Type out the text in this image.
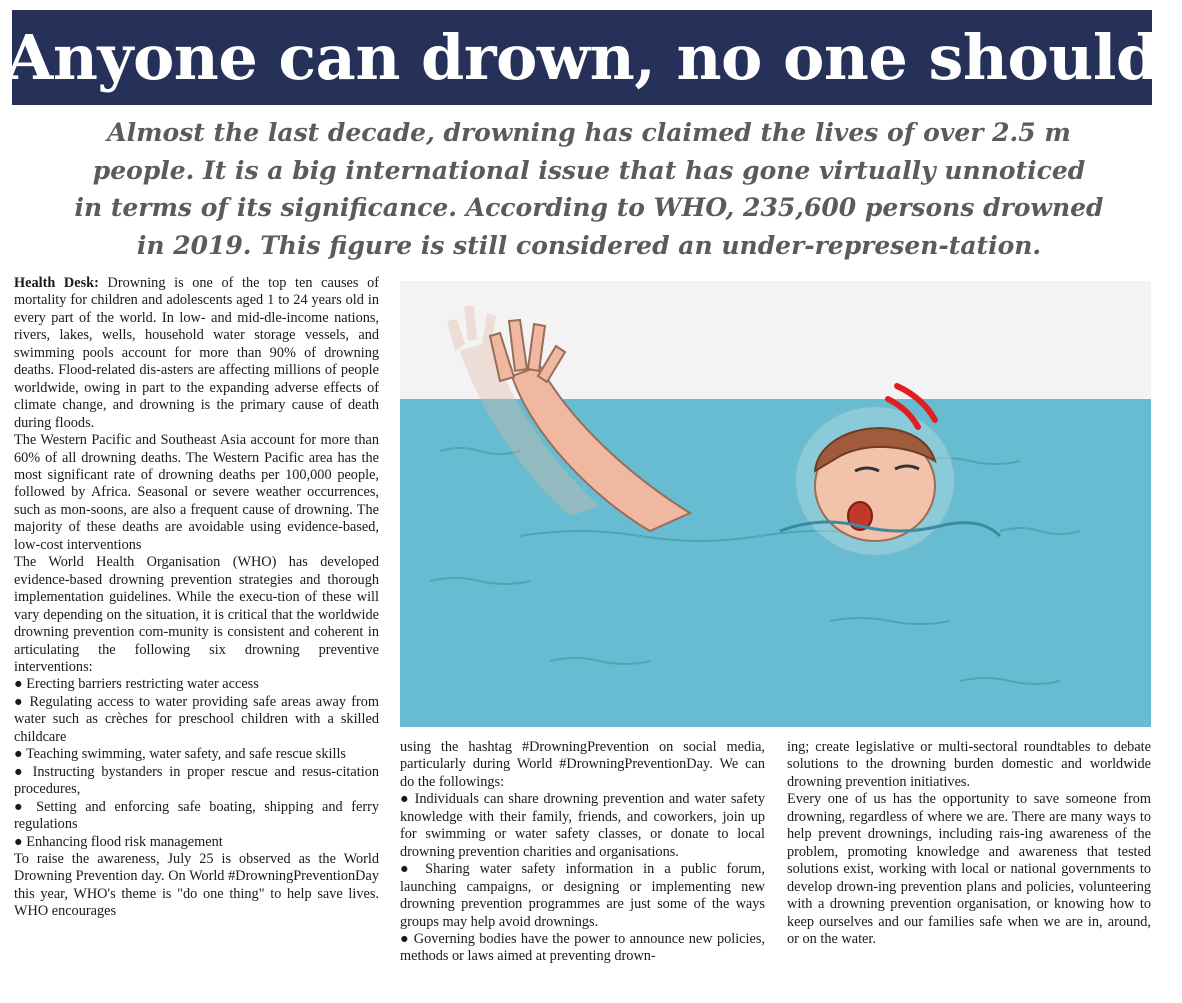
Anyone can drown, no one should
Almost the last decade, drowning has claimed the lives of over 2.5 m
people. It is a big international issue that has gone virtually unnoticed
in terms of its significance. According to WHO, 235,600 persons drowned
in 2019. This figure is still considered an under-represen-tation.

Health Desk: Drowning is one of the top ten causes of mortality for children and adolescents aged 1 to 24 years old in every part of the world. In low- and mid-dle-income nations, rivers, lakes, wells, household water storage vessels, and swimming pools account for more than 90% of drowning deaths. Flood-related dis-asters are affecting millions of people worldwide, owing in part to the expanding adverse effects of climate change, and drowning is the primary cause of death during floods.

The Western Pacific and Southeast Asia account for more than 60% of all drowning deaths. The Western Pacific area has the most significant rate of drowning deaths per 100,000 people, followed by Africa. Seasonal or severe weather occurrences, such as mon-soons, are also a frequent cause of drowning. The majority of these deaths are avoidable using evidence-based, low-cost interventions

The World Health Organisation (WHO) has developed evidence-based drowning prevention strategies and thorough implementation guidelines. While the execu-tion of these will vary depending on the situation, it is critical that the worldwide drowning prevention com-munity is consistent and coherent in articulating the following six drowning preventive interventions:

● Erecting barriers restricting water access

● Regulating access to water providing safe areas away from water such as crèches for preschool children with a skilled childcare

● Teaching swimming, water safety, and safe rescue skills

● Instructing bystanders in proper rescue and resus-citation procedures,

● Setting and enforcing safe boating, shipping and ferry regulations

● Enhancing flood risk management

To raise the awareness, July 25 is observed as the World Drowning Prevention day. On World #DrowningPreventionDay this year, WHO's theme is "do one thing" to help save lives. WHO encourages

using the hashtag #DrowningPrevention on social media, particularly during World #DrowningPreventionDay. We can do the followings:

● Individuals can share drowning prevention and water safety knowledge with their family, friends, and coworkers, join up for swimming or water safety classes, or donate to local drowning prevention charities and organisations.

● Sharing water safety information in a public forum, launching campaigns, or designing or implementing new drowning prevention programmes are just some of the ways groups may help avoid drownings.

● Governing bodies have the power to announce new policies, methods or laws aimed at preventing drown-

ing; create legislative or multi-sectoral roundtables to debate solutions to the drowning burden domestic and worldwide drowning prevention initiatives.

Every one of us has the opportunity to save someone from drowning, regardless of where we are. There are many ways to help prevent drownings, including rais-ing awareness of the problem, promoting knowledge and awareness that tested solutions exist, working with local or national governments to develop drown-ing prevention plans and policies, volunteering with a drowning prevention organisation, or knowing how to keep ourselves and our families safe when we are in, around, or on the water.
